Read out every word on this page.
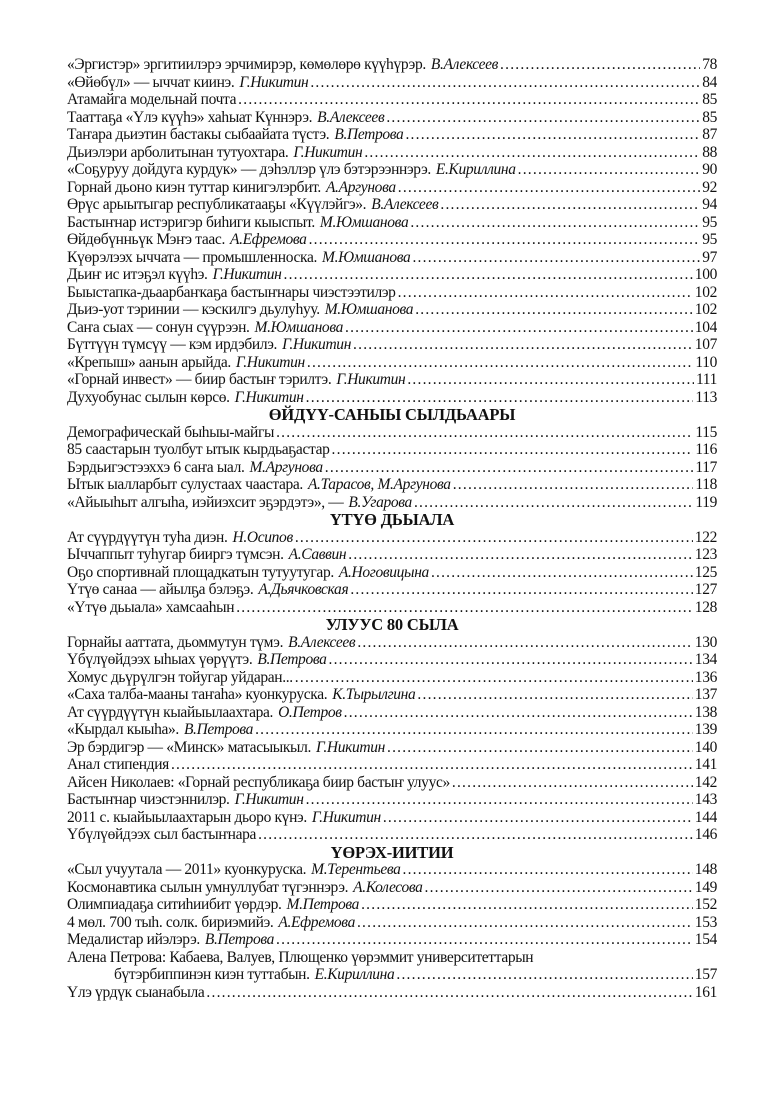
«Эргистэр» эргитиилэрэ эрчимирэр, көмөлөрө күүһүрэр. В.Алексеев .....	78
«Өйөбүл» — ыччат киинэ. Г.Никитин .....	84
Атамайга модельнай почта .....	85
Тааттаҕа «Үлэ күүһэ» хаһыат Күннэрэ. В.Алексеев .....	85
Таҥара дьиэтин бастакы сыбаайата түстэ. В.Петрова .....	87
Дьиэлэри арболитынан тутуохтара. Г.Никитин .....	88
«Соҕуруу дойдуга курдук» — дэһэллэр үлэ бэтэрээннэрэ. Е.Кириллина .....	90
Горнай дьоно киэн туттар кинигэлэрбит. А.Аргунова .....	92
Өрүс арыытыгар республикатааҕы «Күүлэйгэ». В.Алексеев .....	94
Бастыҥнар истэригэр биһиги кыыспыт. М.Юмшанова .....	95
Өйдөбүнньүк Мэҥэ таас. А.Ефремова .....	95
Күөрэлээх ыччата — промышленноска. М.Юмшанова .....	97
Дьиҥ ис итэҕэл күүһэ. Г.Никитин .....	100
Быыстапка-дьаарбаҥкаҕа бастыҥнары чиэстээтилэр .....	102
Дьиэ-уот тэринии — кэскилгэ дьулуһуу. М.Юмшанова .....	102
Саҥа сыах — сонун сүүрээн. М.Юмшанова .....	104
Бүттүүн түмсүү — кэм ирдэбилэ. Г.Никитин .....	107
«Крепыш» аанын арыйда. Г.Никитин .....	110
«Горнай инвест» — биир бастыҥ тэрилтэ. Г.Никитин .....	111
Духуобунас сылын көрсө. Г.Никитин .....	113
ӨЙДҮҮ-САНЫЫ СЫЛДЬААРЫ
Демографическай быһыы-майгы .....	115
85 саастарын туолбут ытык кырдьаҕастар .....	116
Бэрдьигэстээххэ 6 саҥа ыал. М.Аргунова .....	117
Ытык ыалларбыт сулустаах чаастара. А.Тарасов, М.Аргунова .....	118
«Айыыһыт алгыһа, иэйиэхсит эҕэрдэтэ», — В.Угарова .....	119
ҮТҮӨ ДЬЫАЛА
Ат сүүрдүүтүн туһа диэн. Н.Осипов .....	122
Ыччаппыт туһугар бииргэ түмсэн. А.Саввин .....	123
Оҕо спортивнай площадкатын тутуутугар. А.Ноговицына .....	125
Үтүө санаа — айылҕа бэлэҕэ. А.Дьячковская .....	127
«Үтүө дьыала» хамсааһын .....	128
УЛУУС 80 СЫЛА
Горнайы ааттата, дьоммутун түмэ. В.Алексеев .....	130
Үбүлүөйдээх ыһыах үөрүүтэ. В.Петрова .....	134
Хомус дьүрүлгэн тойугар уйдаран... .....	136
«Саха талба-мааны таҥаһа» куонкуруска. К.Тырылгина .....	137
Ат сүүрдүүтүн кыайыылаахтара. О.Петров .....	138
«Кырдал кыыһа». В.Петрова .....	139
Эр бэрдигэр — «Минск» матасыыкыл. Г.Никитин .....	140
Анал стипендия .....	141
Айсен Николаев: «Горнай республикаҕа биир бастыҥ улуус» .....	142
Бастыҥнар чиэстэннилэр. Г.Никитин .....	143
2011 с. кыайыылаахтарын дьоро күнэ. Г.Никитин .....	144
Үбүлүөйдээх сыл бастыҥнара .....	146
ҮӨРЭХ-ИИТИИ
«Сыл учуутала — 2011» куонкуруска. М.Терентьева .....	148
Космонавтика сылын умнуллубат түгэннэрэ. А.Колесова .....	149
Олимпиадаҕа ситиһиибит үөрдэр. М.Петрова .....	152
4 мөл. 700 тыһ. солк. бириэмийэ. А.Ефремова .....	153
Медалистар ийэлэрэ. В.Петрова .....	154
Алена Петрова: Кабаева, Валуев, Плющенко үөрэммит университеттарын
бүтэрбиппинэн киэн туттабын. Е.Кириллина .....	157
Үлэ үрдүк сыанабыла .....	161
